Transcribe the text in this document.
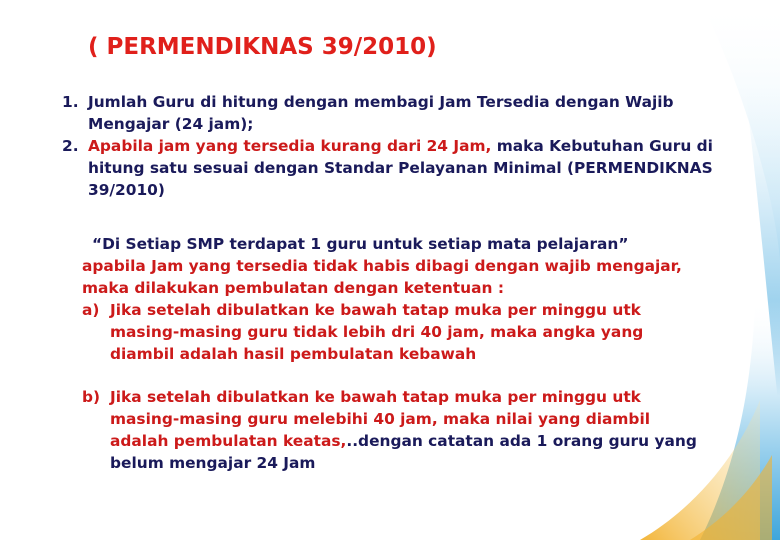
( PERMENDIKNAS 39/2010)
1. Jumlah Guru di hitung dengan membagi Jam Tersedia dengan Wajib Mengajar (24 jam);
2. Apabila jam yang tersedia kurang dari 24 Jam, maka Kebutuhan Guru di hitung satu sesuai dengan Standar Pelayanan Minimal (PERMENDIKNAS 39/2010)
“Di Setiap SMP terdapat 1 guru untuk setiap mata pelajaran”
apabila Jam yang tersedia tidak habis dibagi dengan wajib mengajar, maka dilakukan pembulatan dengan ketentuan :
a) Jika setelah dibulatkan ke bawah tatap muka per minggu utk masing-masing guru tidak lebih dri 40 jam, maka angka yang diambil adalah hasil pembulatan kebawah
b) Jika setelah dibulatkan ke bawah tatap muka per minggu utk masing-masing guru melebihi 40 jam, maka nilai yang diambil adalah pembulatan keatas,..dengan catatan ada 1 orang guru yang belum mengajar 24 Jam
